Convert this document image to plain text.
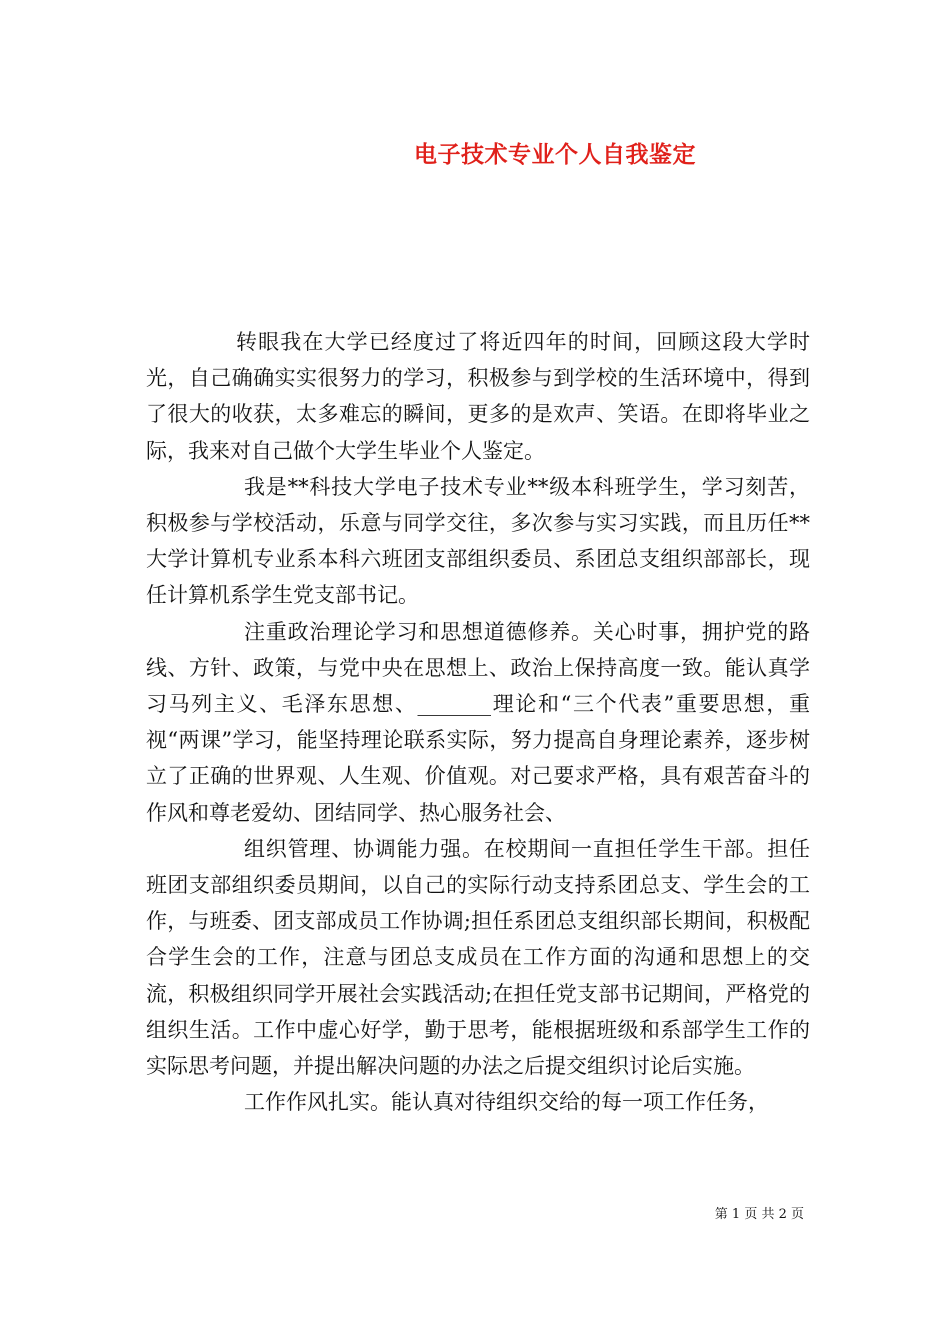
电子技术专业个人自我鉴定

转眼我在大学已经度过了将近四年的时间，回顾这段大学时光，自己确确实实很努力的学习，积极参与到学校的生活环境中，得到了很大的收获，太多难忘的瞬间，更多的是欢声、笑语。在即将毕业之际，我来对自己做个大学生毕业个人鉴定。

我是**科技大学电子技术专业**级本科班学生，学习刻苦，积极参与学校活动，乐意与同学交往，多次参与实习实践，而且历任**大学计算机专业系本科六班团支部组织委员、系团总支组织部部长，现任计算机系学生党支部书记。

注重政治理论学习和思想道德修养。关心时事，拥护党的路线、方针、政策，与党中央在思想上、政治上保持高度一致。能认真学习马列主义、毛泽东思想、_______理论和“三个代表”重要思想，重视“两课”学习，能坚持理论联系实际，努力提高自身理论素养，逐步树立了正确的世界观、人生观、价值观。对己要求严格，具有艰苦奋斗的作风和尊老爱幼、团结同学、热心服务社会、

组织管理、协调能力强。在校期间一直担任学生干部。担任班团支部组织委员期间，以自己的实际行动支持系团总支、学生会的工作，与班委、团支部成员工作协调;担任系团总支组织部长期间，积极配合学生会的工作，注意与团总支成员在工作方面的沟通和思想上的交流，积极组织同学开展社会实践活动;在担任党支部书记期间，严格党的组织生活。工作中虚心好学，勤于思考，能根据班级和系部学生工作的实际思考问题，并提出解决问题的办法之后提交组织讨论后实施。

工作作风扎实。能认真对待组织交给的每一项工作任务，

第 1 页 共 2 页
